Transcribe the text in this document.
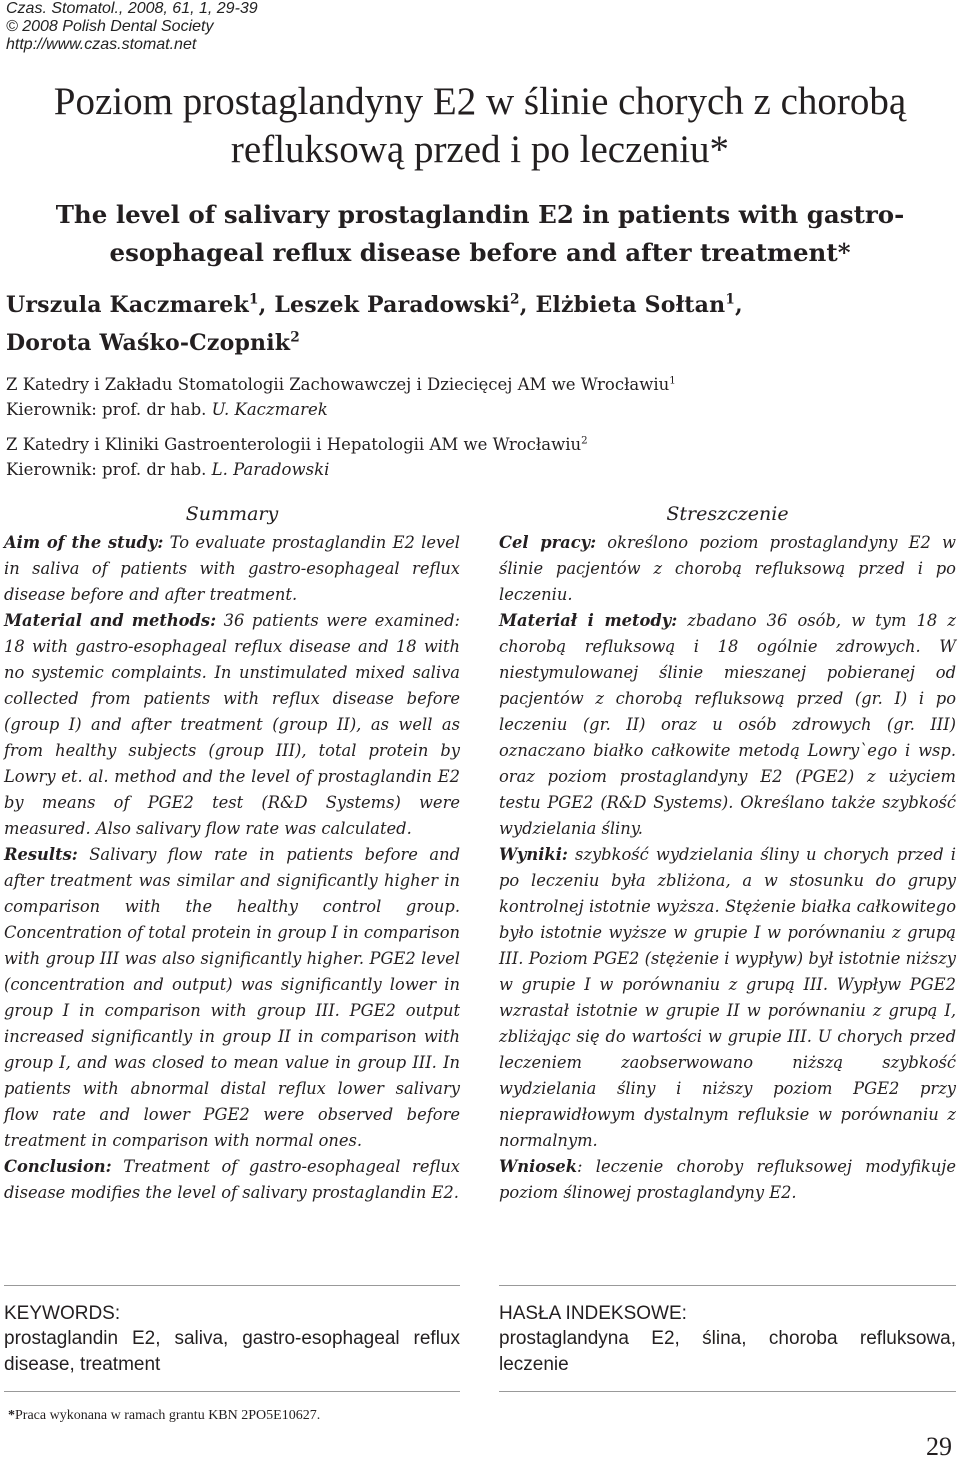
Czas. Stomatol., 2008, 61, 1, 29-39
© 2008 Polish Dental Society
http://www.czas.stomat.net
Poziom prostaglandyny E2 w ślinie chorych z chorobą
refluksową przed i po leczeniu*
The level of salivary prostaglandin E2 in patients with gastro-
esophageal reflux disease before and after treatment*
Urszula Kaczmarek$^1$, Leszek Paradowski$^2$, Elżbieta Sołtan$^1$,
Dorota Waśko-Czopnik$^2$
Z Katedry i Zakładu Stomatologii Zachowawczej i Dziecięcej AM we Wrocławiu$^1$
Kierownik: prof. dr hab. U. Kaczmarek
Z Katedry i Kliniki Gastroenterologii i Hepatologii AM we Wrocławiu$^2$
Kierownik: prof. dr hab. L. Paradowski
Summary

Aim of the study: To evaluate prostaglandin E2 level in saliva of patients with gastro-esophageal reflux disease before and after treatment.

Material and methods: 36 patients were examined: 18 with gastro-esophageal reflux disease and 18 with no systemic complaints. In unstimulated mixed saliva collected from patients with reflux disease before (group I) and after treatment (group II), as well as from healthy subjects (group III), total protein by Lowry et. al. method and the level of prostaglandin E2 by means of PGE2 test (R&D Systems) were measured. Also salivary flow rate was calculated.

Results: Salivary flow rate in patients before and after treatment was similar and significantly higher in comparison with the healthy control group. Concentration of total protein in group I in comparison with group III was also significantly higher. PGE2 level (concentration and output) was significantly lower in group I in comparison with group III. PGE2 output increased significantly in group II in comparison with group I, and was closed to mean value in group III. In patients with abnormal distal reflux lower salivary flow rate and lower PGE2 were observed before treatment in comparison with normal ones.

Conclusion: Treatment of gastro-esophageal reflux disease modifies the level of salivary prostaglandin E2.

Streszczenie

Cel pracy: określono poziom prostaglandyny E2 w ślinie pacjentów z chorobą refluksową przed i po leczeniu.

Materiał i metody: zbadano 36 osób, w tym 18 z chorobą refluksową i 18 ogólnie zdrowych. W niestymulowanej ślinie mieszanej pobieranej od pacjentów z chorobą refluksową przed (gr. I) i po leczeniu (gr. II) oraz u osób zdrowych (gr. III) oznaczano białko całkowite metodą Lowry`ego i wsp. oraz poziom prostaglandyny E2 (PGE2) z użyciem testu PGE2 (R&D Systems). Określano także szybkość wydzielania śliny.

Wyniki: szybkość wydzielania śliny u chorych przed i po leczeniu była zbliżona, a w stosunku do grupy kontrolnej istotnie wyższa. Stężenie białka całkowitego było istotnie wyższe w grupie I w porównaniu z grupą III. Poziom PGE2 (stężenie i wypływ) był istotnie niższy w grupie I w porównaniu z grupą III. Wypływ PGE2 wzrastał istotnie w grupie II w porównaniu z grupą I, zbliżając się do wartości w grupie III. U chorych przed leczeniem zaobserwowano niższą szybkość wydzielania śliny i niższy poziom PGE2 przy nieprawidłowym dystalnym refluksie w porównaniu z normalnym.

Wniosek: leczenie choroby refluksowej modyfikuje poziom ślinowej prostaglandyny E2.

KEYWORDS:
prostaglandin E2, saliva, gastro-esophageal reflux disease, treatment
HASŁA INDEKSOWE:
prostaglandyna E2, ślina, choroba refluksowa, leczenie
*Praca wykonana w ramach grantu KBN 2PO5E10627.
29
